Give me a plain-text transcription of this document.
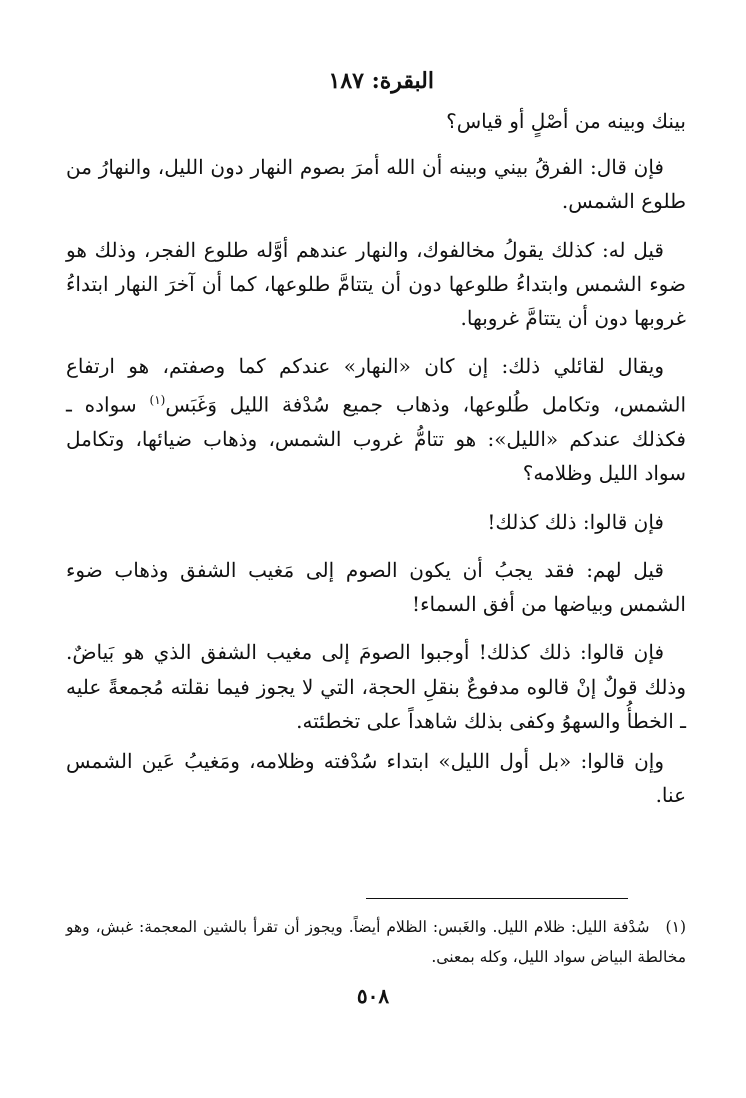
البقرة: ١٨٧

بينك وبينه من أصْلٍ أو قياس؟

فإن قال: الفرقُ بيني وبينه أن الله أمرَ بصوم النهار دون الليل، والنهارُ من طلوع الشمس.

قيل له: كذلك يقولُ مخالفوك، والنهار عندهم أوَّله طلوع الفجر، وذلك هو ضوء الشمس وابتداءُ طلوعها دون أن يتتامَّ طلوعها، كما أن آخرَ النهار ابتداءُ غروبها دون أن يتتامَّ غروبها.

ويقال لقائلي ذلك: إن كان «النهار» عندكم كما وصفتم، هو ارتفاع الشمس، وتكامل طُلوعها، وذهاب جميع سُدْفة الليل وَغَبَس$^{(١)}$ سواده ـ فكذلك عندكم «الليل»: هو تتامُّ غروب الشمس، وذهاب ضيائها، وتكامل سواد الليل وظلامه؟

فإن قالوا: ذلك كذلك!

قيل لهم: فقد يجبُ أن يكون الصوم إلى مَغيب الشفق وذهاب ضوء الشمس وبياضها من أفق السماء!

فإن قالوا: ذلك كذلك! أوجبوا الصومَ إلى مغيب الشفق الذي هو بَياضٌ. وذلك قولٌ إنْ قالوه مدفوعٌ بنقلِ الحجة، التي لا يجوز فيما نقلته مُجمعةً عليه ـ الخطأُ والسهوُ وكفى بذلك شاهداً على تخطئته.

وإن قالوا: «بل أول الليل» ابتداء سُدْفته وظلامه، ومَغيبُ عَين الشمس عنا.

(١)سُدْفة الليل: ظلام الليل. والغَبس: الظلام أيضاً. ويجوز أن تقرأ بالشين المعجمة: غبش، وهو مخالطة البياض سواد الليل، وكله بمعنى.
٥٠٨
